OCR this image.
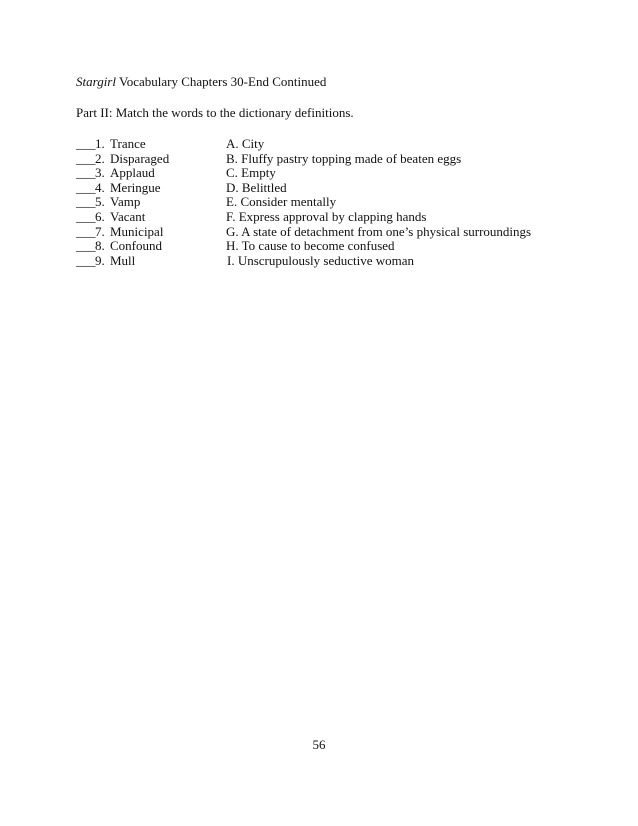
Stargirl Vocabulary Chapters 30-End Continued
Part II: Match the words to the dictionary definitions.
___ 1. Trance	A. City
___ 2. Disparaged	B. Fluffy pastry topping made of beaten eggs
___ 3. Applaud	C. Empty
___ 4. Meringue	D. Belittled
___ 5. Vamp	E. Consider mentally
___ 6. Vacant	F. Express approval by clapping hands
___ 7. Municipal	G. A state of detachment from one’s physical surroundings
___ 8. Confound	H. To cause to become confused
___ 9. Mull	I. Unscrupulously seductive woman
56
